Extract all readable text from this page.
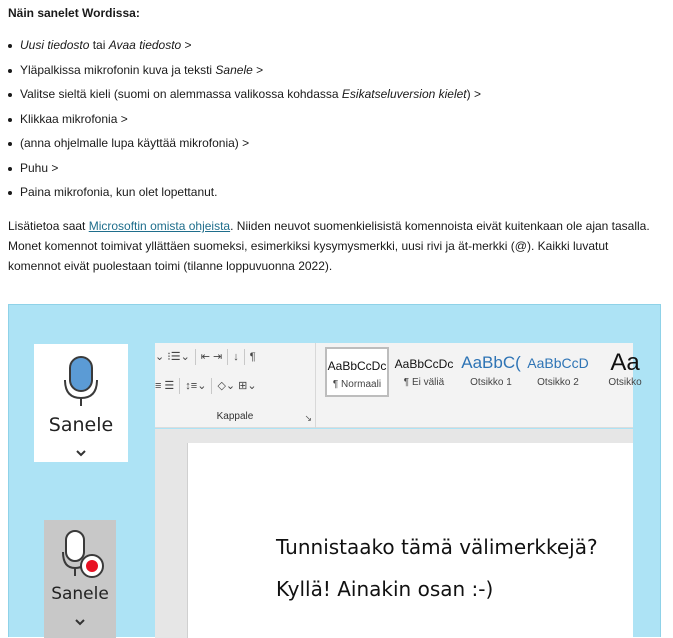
Näin sanelet Wordissa:
Uusi tiedosto tai Avaa tiedosto >
Yläpalkissa mikrofonin kuva ja teksti Sanele >
Valitse sieltä kieli (suomi on alemmassa valikossa kohdassa Esikatseluversion kielet) >
Klikkaa mikrofonia >
(anna ohjelmalle lupa käyttää mikrofonia) >
Puhu >
Paina mikrofonia, kun olet lopettanut.

Lisätietoa saat Microsoftin omista ohjeista. Niiden neuvot suomenkielisistä komennoista eivät kuitenkaan ole ajan tasalla. Monet komennot toimivat yllättäen suomeksi, esimerkiksi kysymysmerkki, uusi rivi ja ät-merkki (@). Kaikki luvatut komennot eivät puolestaan toimi (tilanne loppuvuonna 2022).

Sanele
Sanele
⌄ ⁝☰⌄ ⇤ ⇥ ↓ ¶
≡ ☰ ↕≡⌄ ◇⌄ ⊞⌄
Kappale	↘
AaBbCcDc
¶ Normaali
AaBbCcDc
¶ Ei väliä
AaBbC(
Otsikko 1
AaBbCcD
Otsikko 2
Aa
Otsikko
Tunnistaako tämä välimerkkejä?
Kyllä! Ainakin osan :-)
